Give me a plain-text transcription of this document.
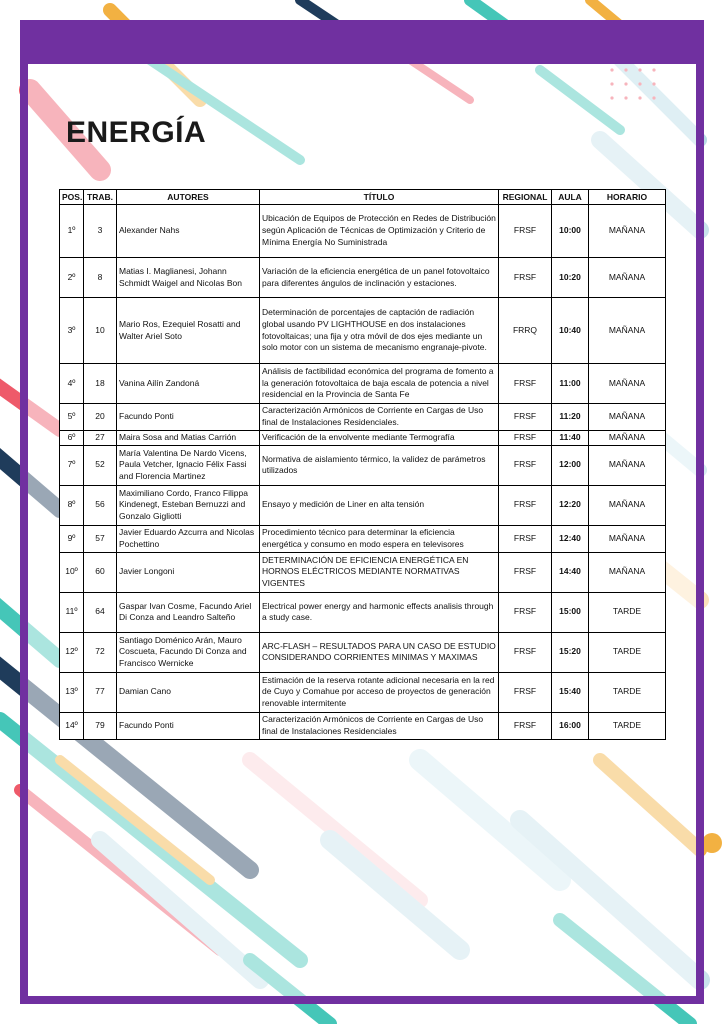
ENERGÍA
POS.	TRAB.	AUTORES	TÍTULO	REGIONAL	AULA	HORARIO
1º	3	Alexander Nahs	Ubicación de Equipos de Protección en Redes de Distribución según Aplicación de Técnicas de Optimización y Criterio de Mínima Energía No Suministrada	FRSF	10:00	MAÑANA
2º	8	Matias I. Maglianesi, Johann Schmidt Waigel and Nicolas Bon	Variación de la eficiencia energética de un panel fotovoltaico para diferentes ángulos de inclinación y estaciones.	FRSF	10:20	MAÑANA
3º	10	Mario Ros, Ezequiel Rosatti and Walter Ariel Soto	Determinación de porcentajes de captación de radiación global usando PV LIGHTHOUSE en dos instalaciones fotovoltaicas; una fija y otra móvil de dos ejes mediante un solo motor con un sistema de mecanismo engranaje-pivote.	FRRQ	10:40	MAÑANA
4º	18	Vanina Ailín Zandoná	Análisis de factibilidad económica del programa de fomento a la generación fotovoltaica de baja escala de potencia a nivel residencial en la Provincia de Santa Fe	FRSF	11:00	MAÑANA
5º	20	Facundo Ponti	Caracterización Armónicos de Corriente en Cargas de Uso final de Instalaciones Residenciales.	FRSF	11:20	MAÑANA
6º	27	Maira Sosa and Matias Carrión	Verificación de la envolvente mediante Termografía	FRSF	11:40	MAÑANA
7º	52	María Valentina De Nardo Vicens, Paula Vetcher, Ignacio Félix Fassi and Florencia Martinez	Normativa de aislamiento térmico, la validez de parámetros utilizados	FRSF	12:00	MAÑANA
8º	56	Maximiliano Cordo, Franco Filippa Kindenegt, Esteban Bernuzzi and Gonzalo Gigliotti	Ensayo y medición de Liner en alta tensión	FRSF	12:20	MAÑANA
9º	57	Javier Eduardo Azcurra and Nicolas Pochettino	Procedimiento técnico para determinar la eficiencia energética y consumo en modo espera en televisores	FRSF	12:40	MAÑANA
10º	60	Javier Longoni	DETERMINACIÓN DE EFICIENCIA ENERGÉTICA EN HORNOS ELÉCTRICOS MEDIANTE NORMATIVAS VIGENTES	FRSF	14:40	MAÑANA
11º	64	Gaspar Ivan Cosme, Facundo Ariel Di Conza and Leandro Salteño	Electrical power energy and harmonic effects analisis through a study case.	FRSF	15:00	TARDE
12º	72	Santiago Doménico Arán, Mauro Coscueta, Facundo Di Conza and Francisco Wernicke	ARC-FLASH – RESULTADOS PARA UN CASO DE ESTUDIO CONSIDERANDO CORRIENTES MINIMAS Y MAXIMAS	FRSF	15:20	TARDE
13º	77	Damian Cano	Estimación de la reserva rotante adicional necesaria en la red de Cuyo y Comahue por acceso de proyectos de generación renovable intermitente	FRSF	15:40	TARDE
14º	79	Facundo Ponti	Caracterización Armónicos de Corriente en Cargas de Uso final de Instalaciones Residenciales	FRSF	16:00	TARDE
